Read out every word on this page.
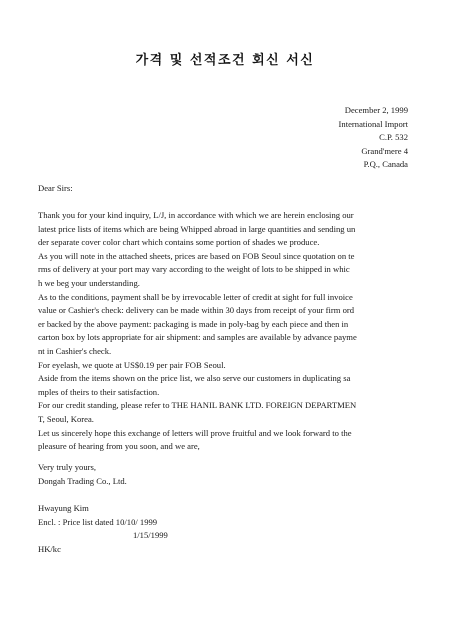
가격 및 선적조건 회신 서신
December 2, 1999
International Import
C.P. 532
Grand'mere 4
P.Q., Canada
Dear Sirs:
Thank you for your kind inquiry, L/J, in accordance with which we are herein enclosing our
latest price lists of items which are being Whipped abroad in large quantities and sending un
der separate cover color chart which contains some portion of shades we produce.
As you will note in the attached sheets, prices are based on FOB Seoul since quotation on te
rms of delivery at your port may vary according to the weight of lots to be shipped in whic
h we beg your understanding.
As to the conditions, payment shall be by irrevocable letter of credit at sight for full invoice
value or Cashier's check: delivery can be made within 30 days from receipt of your firm ord
er backed by the above payment: packaging is made in poly-bag by each piece and then in
carton box by lots appropriate for air shipment: and samples are available by advance payme
nt in Cashier's check.
For eyelash, we quote at US$0.19 per pair FOB Seoul.
Aside from the items shown on the price list, we also serve our customers in duplicating sa
mples of theirs to their satisfaction.
For our credit standing, please refer to THE HANIL BANK LTD. FOREIGN DEPARTMEN
T, Seoul, Korea.
Let us sincerely hope this exchange of letters will prove fruitful and we look forward to the
pleasure of hearing from you soon, and we are,
Very truly yours,
Dongah Trading Co., Ltd.
Hwayung Kim
Encl. : Price list dated 10/10/ 1999
1/15/1999
HK/kc
